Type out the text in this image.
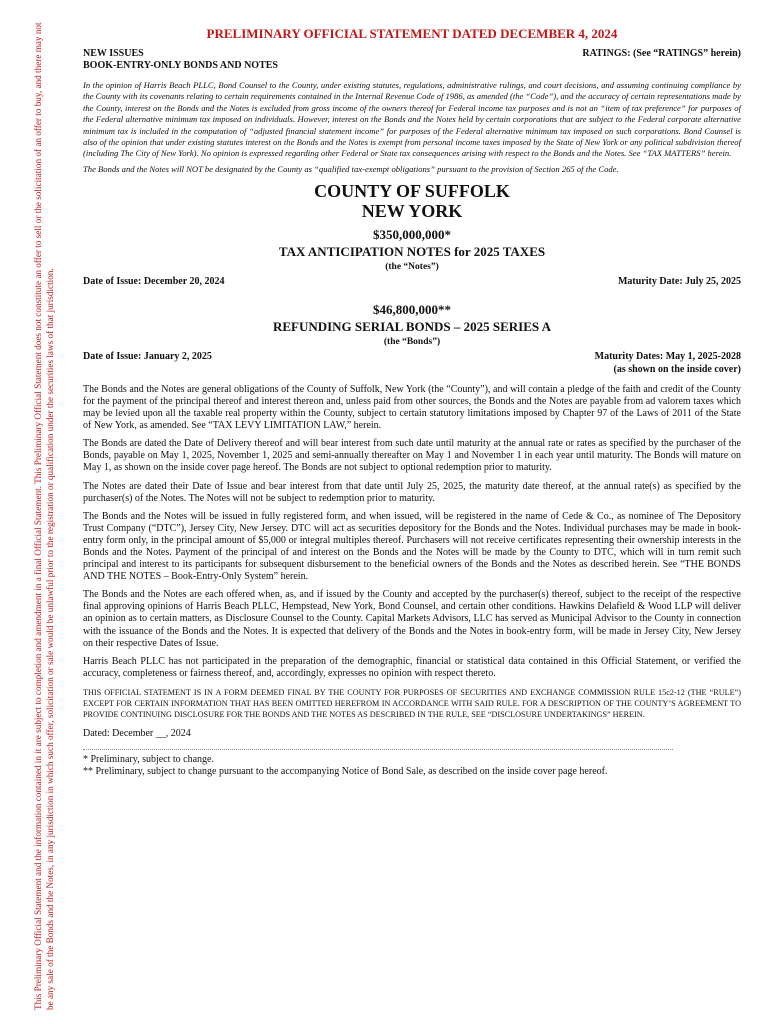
This Preliminary Official Statement and the information contained in it are subject to completion and amendment in a final Official Statement. This Preliminary Official Statement does not constitute an offer to sell or the solicitation of an offer to buy, and there may not be any sale of the Bonds and the Notes, in any jurisdiction in which such offer, solicitation or sale would be unlawful prior to the registration or qualification under the securities laws of that jurisdiction.
PRELIMINARY OFFICIAL STATEMENT DATED DECEMBER 4, 2024
NEW ISSUES	RATINGS: (See “RATINGS” herein)
BOOK-ENTRY-ONLY BONDS AND NOTES

In the opinion of Harris Beach PLLC, Bond Counsel to the County, under existing statutes, regulations, administrative rulings, and court decisions, and assuming continuing compliance by the County with its covenants relating to certain requirements contained in the Internal Revenue Code of 1986, as amended (the “Code”), and the accuracy of certain representations made by the County, interest on the Bonds and the Notes is excluded from gross income of the owners thereof for Federal income tax purposes and is not an “item of tax preference” for purposes of the Federal alternative minimum tax imposed on individuals. However, interest on the Bonds and the Notes held by certain corporations that are subject to the Federal corporate alternative minimum tax is included in the computation of “adjusted financial statement income” for purposes of the Federal alternative minimum tax imposed on such corporations. Bond Counsel is also of the opinion that under existing statutes interest on the Bonds and the Notes is exempt from personal income taxes imposed by the State of New York or any political subdivision thereof (including The City of New York). No opinion is expressed regarding other Federal or State tax consequences arising with respect to the Bonds and the Notes. See “TAX MATTERS” herein.

The Bonds and the Notes will NOT be designated by the County as “qualified tax-exempt obligations” pursuant to the provision of Section 265 of the Code.

COUNTY OF SUFFOLK
NEW YORK
$350,000,000*
TAX ANTICIPATION NOTES for 2025 TAXES
(the “Notes”)
Date of Issue: December 20, 2024	Maturity Date: July 25, 2025
$46,800,000**
REFUNDING SERIAL BONDS – 2025 SERIES A
(the “Bonds”)
Date of Issue: January 2, 2025	Maturity Dates: May 1, 2025-2028
(as shown on the inside cover)

The Bonds and the Notes are general obligations of the County of Suffolk, New York (the “County”), and will contain a pledge of the faith and credit of the County for the payment of the principal thereof and interest thereon and, unless paid from other sources, the Bonds and the Notes are payable from ad valorem taxes which may be levied upon all the taxable real property within the County, subject to certain statutory limitations imposed by Chapter 97 of the Laws of 2011 of the State of New York, as amended. See “TAX LEVY LIMITATION LAW,” herein.

The Bonds are dated the Date of Delivery thereof and will bear interest from such date until maturity at the annual rate or rates as specified by the purchaser of the Bonds, payable on May 1, 2025, November 1, 2025 and semi-annually thereafter on May 1 and November 1 in each year until maturity. The Bonds will mature on May 1, as shown on the inside cover page hereof. The Bonds are not subject to optional redemption prior to maturity.

The Notes are dated their Date of Issue and bear interest from that date until July 25, 2025, the maturity date thereof, at the annual rate(s) as specified by the purchaser(s) of the Notes. The Notes will not be subject to redemption prior to maturity.

The Bonds and the Notes will be issued in fully registered form, and when issued, will be registered in the name of Cede & Co., as nominee of The Depository Trust Company (“DTC”), Jersey City, New Jersey. DTC will act as securities depository for the Bonds and the Notes. Individual purchases may be made in book-entry form only, in the principal amount of $5,000 or integral multiples thereof. Purchasers will not receive certificates representing their ownership interests in the Bonds and the Notes. Payment of the principal of and interest on the Bonds and the Notes will be made by the County to DTC, which will in turn remit such principal and interest to its participants for subsequent disbursement to the beneficial owners of the Bonds and the Notes as described herein. See “THE BONDS AND THE NOTES – Book-Entry-Only System” herein.

The Bonds and the Notes are each offered when, as, and if issued by the County and accepted by the purchaser(s) thereof, subject to the receipt of the respective final approving opinions of Harris Beach PLLC, Hempstead, New York, Bond Counsel, and certain other conditions. Hawkins Delafield & Wood LLP will deliver an opinion as to certain matters, as Disclosure Counsel to the County. Capital Markets Advisors, LLC has served as Municipal Advisor to the County in connection with the issuance of the Bonds and the Notes. It is expected that delivery of the Bonds and the Notes in book-entry form, will be made in Jersey City, New Jersey on their respective Dates of Issue.

Harris Beach PLLC has not participated in the preparation of the demographic, financial or statistical data contained in this Official Statement, or verified the accuracy, completeness or fairness thereof, and, accordingly, expresses no opinion with respect thereto.

THIS OFFICIAL STATEMENT IS IN A FORM DEEMED FINAL BY THE COUNTY FOR PURPOSES OF SECURITIES AND EXCHANGE COMMISSION RULE 15c2-12 (THE “RULE”) EXCEPT FOR CERTAIN INFORMATION THAT HAS BEEN OMITTED HEREFROM IN ACCORDANCE WITH SAID RULE. FOR A DESCRIPTION OF THE COUNTY’S AGREEMENT TO PROVIDE CONTINUING DISCLOSURE FOR THE BONDS AND THE NOTES AS DESCRIBED IN THE RULE, SEE “DISCLOSURE UNDERTAKINGS” HEREIN.

Dated: December __, 2024

* Preliminary, subject to change.
** Preliminary, subject to change pursuant to the accompanying Notice of Bond Sale, as described on the inside cover page hereof.
